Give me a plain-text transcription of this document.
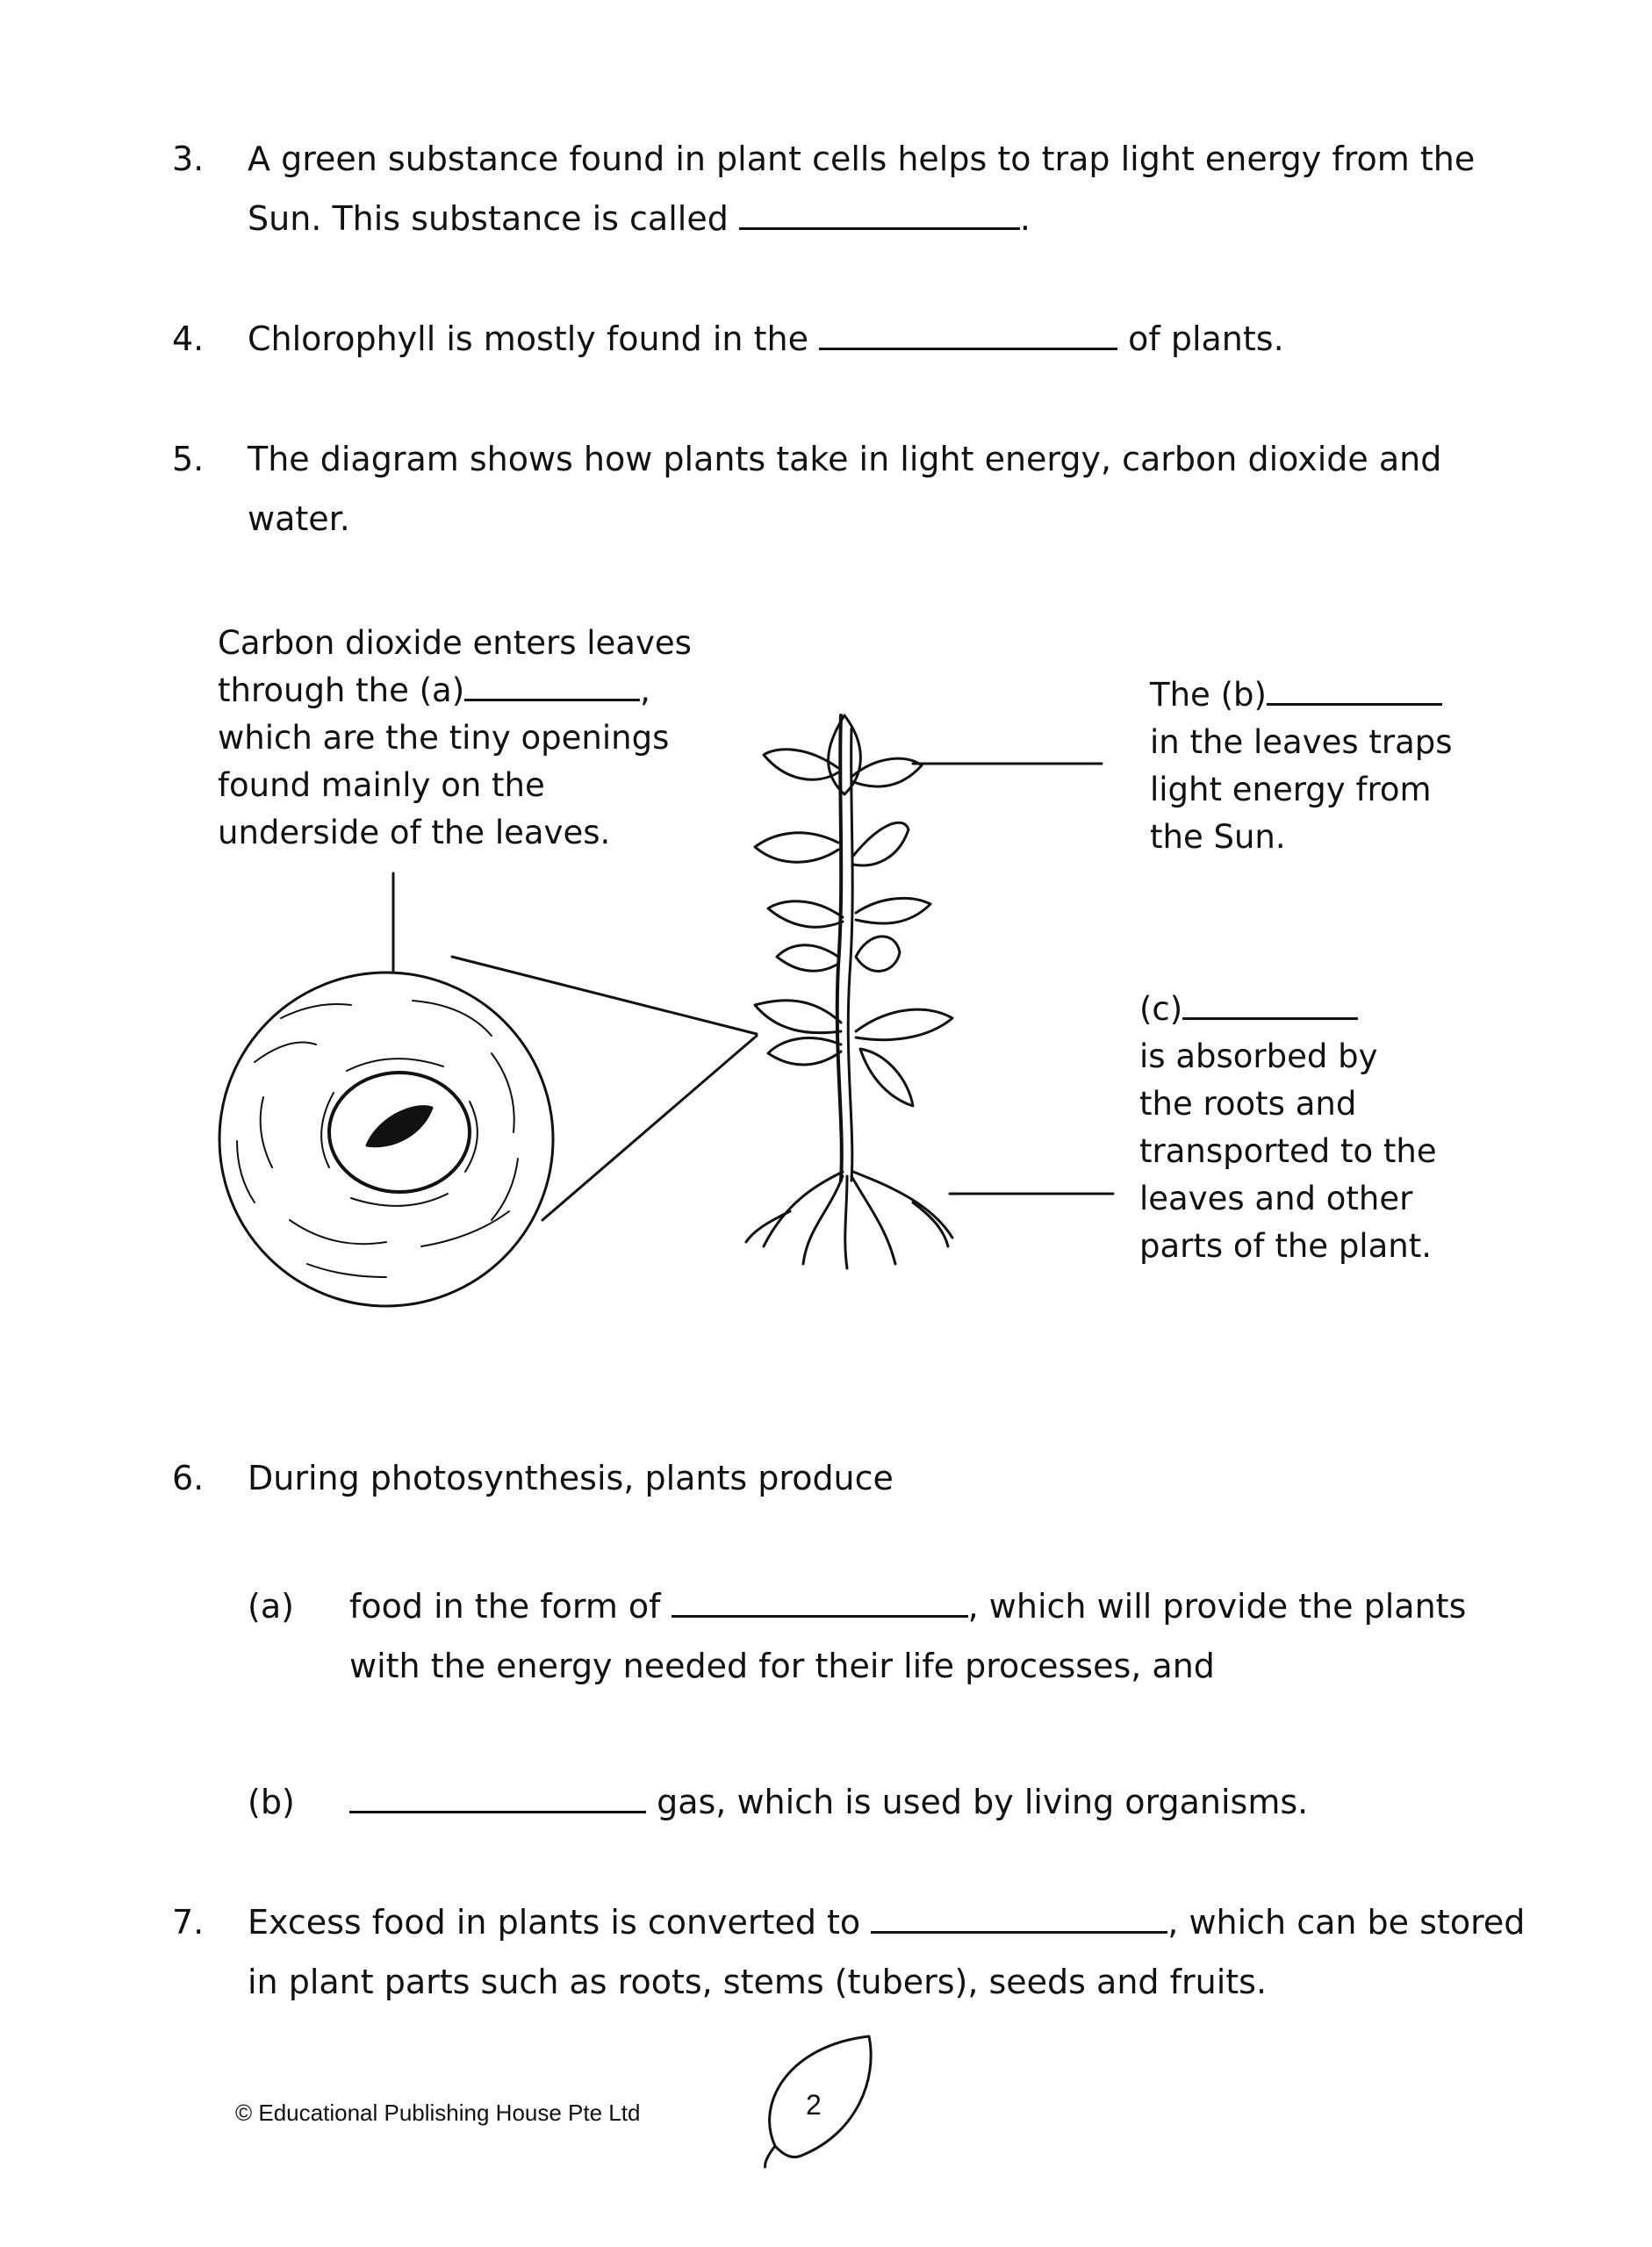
3. A green substance found in plant cells helps to trap light energy from the
Sun. This substance is called	.
4. Chlorophyll is mostly found in the	of plants.
5. The diagram shows how plants take in light energy, carbon dioxide and
water.
Carbon dioxide enters leaves
through the (a)	,
which are the tiny openings
found mainly on the
underside of the leaves.
The (b)
in the leaves traps
light energy from
the Sun.
(c)
is absorbed by
the roots and
transported to the
leaves and other
parts of the plant.
6. During photosynthesis, plants produce
(a) food in the form of	, which will provide the plants
with the energy needed for their life processes, and
(b)	gas, which is used by living organisms.
7. Excess food in plants is converted to	, which can be stored
in plant parts such as roots, stems (tubers), seeds and fruits.
© Educational Publishing House Pte Ltd	2
